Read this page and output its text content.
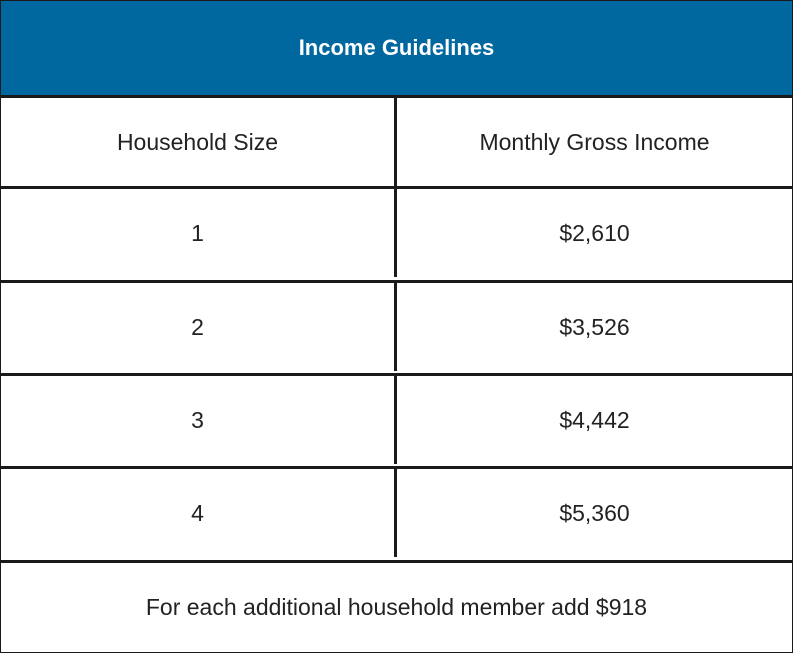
Income Guidelines
Household Size	Monthly Gross Income
1	$2,610
2	$3,526
3	$4,442
4	$5,360
For each additional household member add $918
